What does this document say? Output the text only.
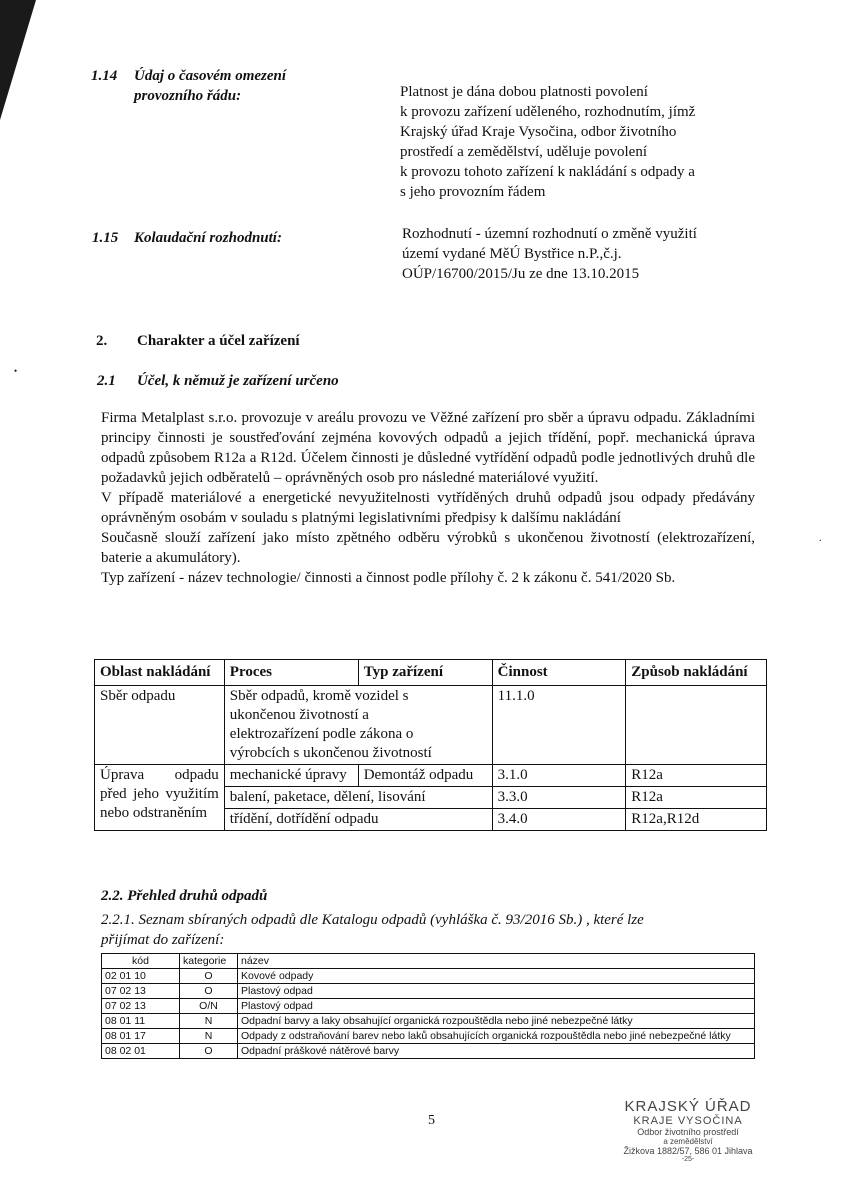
1.14 Údaj o časovém omezení
provozního řádu:	Platnost je dána dobou platnosti povolení
k provozu zařízení uděleného, rozhodnutím, jímž
Krajský úřad Kraje Vysočina, odbor životního
prostředí a zemědělství, uděluje povolení
k provozu tohoto zařízení k nakládání s odpady a
s jeho provozním řádem
1.15 Kolaudační rozhodnutí:	Rozhodnutí - územní rozhodnutí o změně využití
území vydané MěÚ Bystřice n.P.,č.j.
OÚP/16700/2015/Ju ze dne 13.10.2015
2. Charakter a účel zařízení
•
2.1 Účel, k němuž je zařízení určeno

Firma Metalplast s.r.o. provozuje v areálu provozu ve Věžné zařízení pro sběr a úpravu odpadu. Základními principy činnosti je soustřeďování zejména kovových odpadů a jejich třídění, popř. mechanická úprava odpadů způsobem R12a a R12d. Účelem činnosti je důsledné vytřídění odpadů podle jednotlivých druhů dle požadavků jejich odběratelů – oprávněných osob pro následné materiálové využití.

V případě materiálové a energetické nevyužitelnosti vytříděných druhů odpadů jsou odpady předávány oprávněným osobám v souladu s platnými legislativními předpisy k dalšímu nakládání

Současně slouží zařízení jako místo zpětného odběru výrobků s ukončenou životností (elektrozařízení, baterie a akumulátory).

Typ zařízení - název technologie/ činnosti a činnost podle přílohy č. 2 k zákonu č. 541/2020 Sb.

Oblast nakládání	Proces	Typ zařízení	Činnost	Způsob nakládání
Sběr odpadu	Sběr odpadů, kromě vozidel s ukončenou životností a elektrozařízení podle zákona o výrobcích s ukončenou životností		11.1.0	
Úprava odpadu před jeho využitím nebo odstraněním	mechanické úpravy	Demontáž odpadu	3.1.0	R12a
	balení, paketace, dělení, lisování		3.3.0	R12a
	třídění, dotřídění odpadu		3.4.0	R12a,R12d
2.2. Přehled druhů odpadů
2.2.1. Seznam sbíraných odpadů dle Katalogu odpadů (vyhláška č. 93/2016 Sb.) , které lze
přijímat do zařízení:
kód	kategorie	název
02 01 10	O	Kovové odpady
07 02 13	O	Plastový odpad
07 02 13	O/N	Plastový odpad
08 01 11	N	Odpadní barvy a laky obsahující organická rozpouštědla nebo jiné nebezpečné látky
08 01 17	N	Odpady z odstraňování barev nebo laků obsahujících organická rozpouštědla nebo jiné nebezpečné látky
08 02 01	O	Odpadní práškové nátěrové barvy
5
KRAJSKÝ ÚŘAD
KRAJE VYSOČINA
Odbor životního prostředí
a zemědělství
Žižkova 1882/57, 586 01 Jihlava
-25-
.
